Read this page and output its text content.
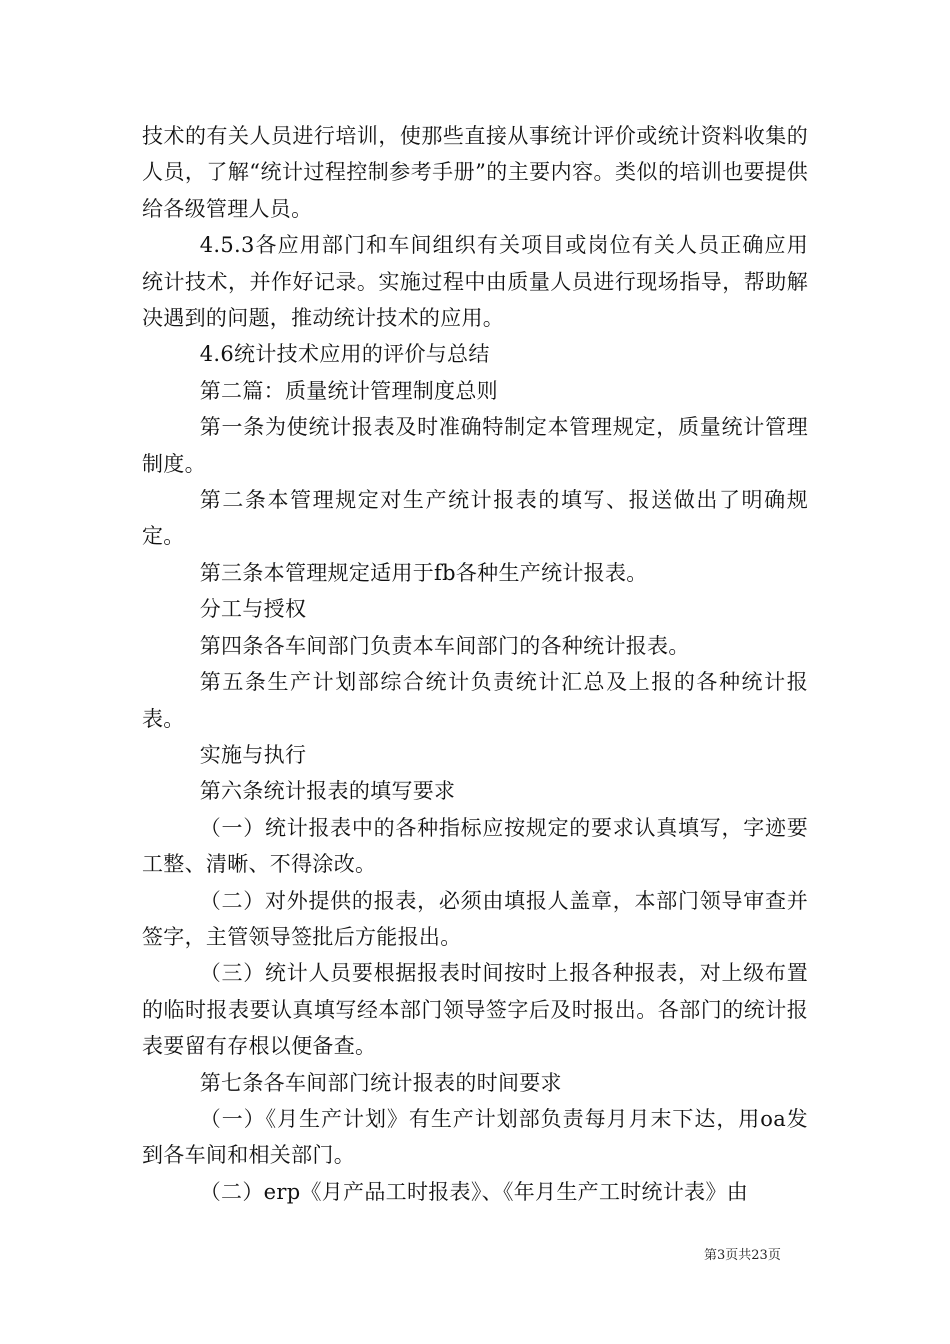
技术的有关人员进行培训，使那些直接从事统计评价或统计资料收集的人员，了解“统计过程控制参考手册”的主要内容。类似的培训也要提供给各级管理人员。

4.5.3各应用部门和车间组织有关项目或岗位有关人员正确应用统计技术，并作好记录。实施过程中由质量人员进行现场指导，帮助解决遇到的问题，推动统计技术的应用。

4.6统计技术应用的评价与总结

第二篇：质量统计管理制度总则

第一条为使统计报表及时准确特制定本管理规定，质量统计管理制度。

第二条本管理规定对生产统计报表的填写、报送做出了明确规定。

第三条本管理规定适用于fb各种生产统计报表。

分工与授权

第四条各车间部门负责本车间部门的各种统计报表。

第五条生产计划部综合统计负责统计汇总及上报的各种统计报表。

实施与执行

第六条统计报表的填写要求

（一）统计报表中的各种指标应按规定的要求认真填写，字迹要工整、清晰、不得涂改。

（二）对外提供的报表，必须由填报人盖章，本部门领导审查并签字，主管领导签批后方能报出。

（三）统计人员要根据报表时间按时上报各种报表，对上级布置的临时报表要认真填写经本部门领导签字后及时报出。各部门的统计报表要留有存根以便备查。

第七条各车间部门统计报表的时间要求

（一）《月生产计划》有生产计划部负责每月月末下达，用oa发到各车间和相关部门。

（二）erp《月产品工时报表》、《年月生产工时统计表》由

第3页共23页
